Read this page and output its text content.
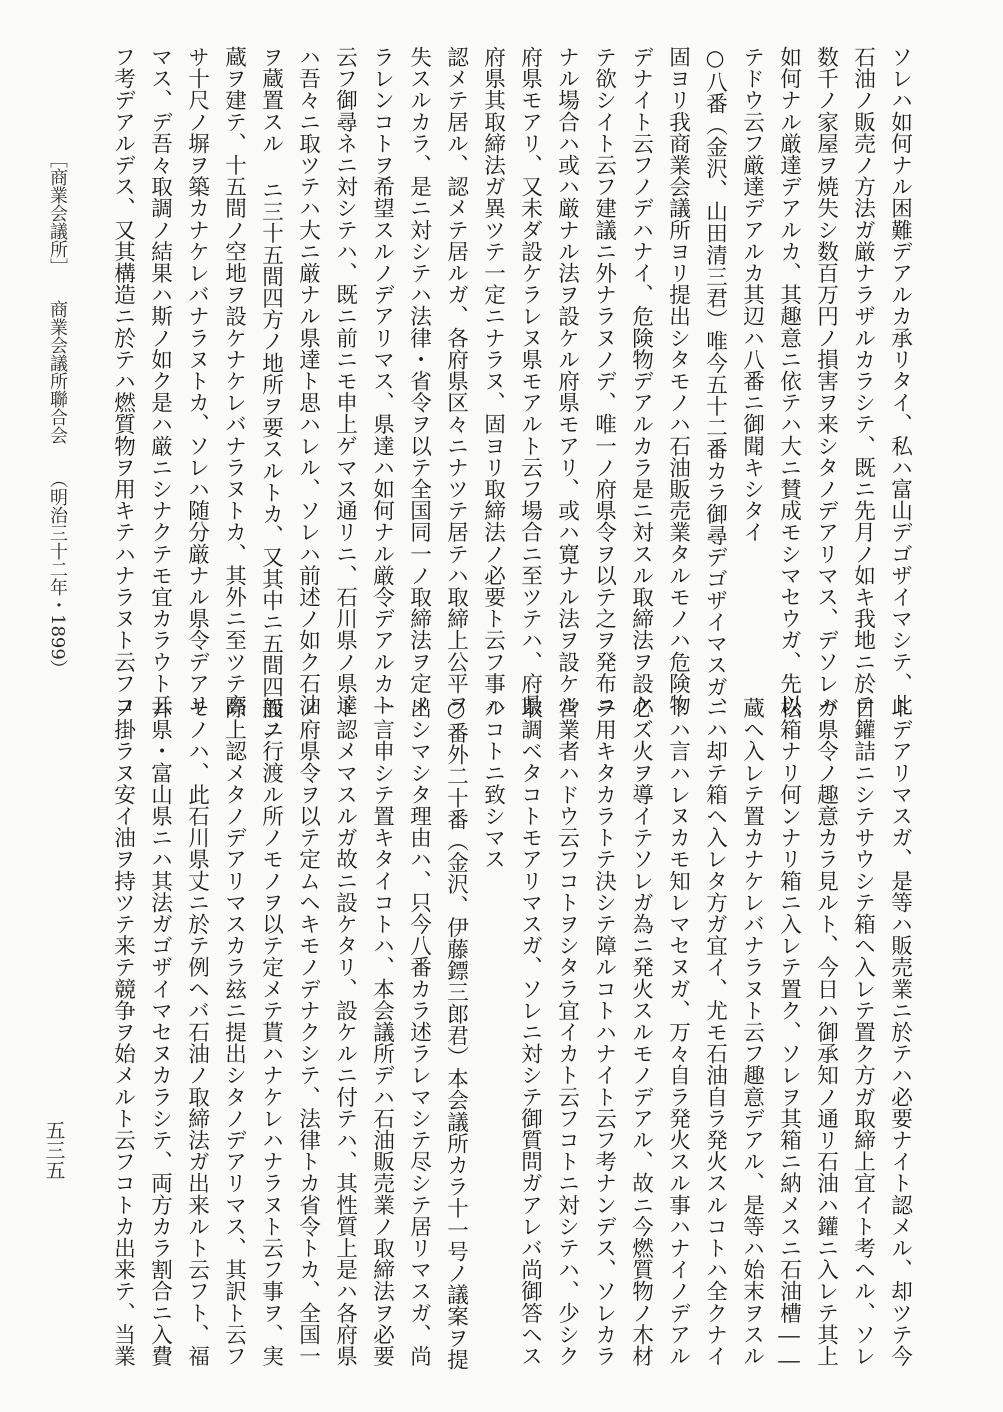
ソレハ如何ナル困難デアルカ承リタイ、私ハ富山デゴザイマシテ、此
石油ノ販売ノ方法ガ厳ナラザルカラシテ、既ニ先月ノ如キ我地ニ於テ
数千ノ家屋ヲ焼失シ数百万円ノ損害ヲ来シタノデアリマス、デソレハ
如何ナル厳達デアルカ、其趣意ニ依テハ大ニ賛成モシマセウガ、先以
テドウ云フ厳達デアルカ其辺ハ八番ニ御聞キシタイ
○八番（金沢、山田清三君）唯今五十二番カラ御尋デゴザイマスガ、
固ヨリ我商業会議所ヨリ提出シタモノハ石油販売業タルモノハ危険物
デナイト云フノデハナイ、危険物デアルカラ是ニ対スル取締法ヲ設ケ
テ欲シイト云フ建議ニ外ナラヌノデ、唯一ノ府県令ヲ以テ之ヲ発布ニ
ナル場合ハ或ハ厳ナル法ヲ設ケル府県モアリ、或ハ寛ナル法ヲ設ケル
府県モアリ、又未ダ設ケラレヌ県モアルト云フ場合ニ至ツテハ、府県
府県其取締法ガ異ツテ一定ニナラヌ、固ヨリ取締法ノ必要ト云フ事ハ
認メテ居ル、認メテ居ルガ、各府県区々ニナツテ居テハ取締上公平ヲ
失スルカラ、是ニ対シテハ法律・省令ヲ以テ全国同一ノ取締法ヲ定メ
ラレンコトヲ希望スルノデアリマス、県達ハ如何ナル厳令デアルカト
云フ御尋ネニ対シテハ、既ニ前ニモ申上ゲマス通リニ、石川県ノ県達
ハ吾々ニ取ツテハ大ニ厳ナル県達ト思ハレル、ソレハ前述ノ如ク石油
ヲ蔵置スル ニ三十五間四方ノ地所ヲ要スルトカ、又其中ニ五間四面ノ
蔵ヲ建テ、十五間ノ空地ヲ設ケナケレバナラヌトカ、其外ニ至ツテ高
サ十尺ノ塀ヲ築カナケレバナラヌトカ、ソレハ随分厳ナル県令デアリ
マス、デ吾々取調ノ結果ハ斯ノ如ク是ハ厳ニシナクテモ宜カラウト云
フ考デアルデス、又其構造ニ於テハ燃質物ヲ用キテハナラヌト云フコ
トデアリマスガ、是等ハ販売業ニ於テハ必要ナイト認メル、却ツテ今
日鑵詰ニシテサウシテ箱ヘ入レテ置ク方ガ取締上宜イト考ヘル、ソレ
ガ県令ノ趣意カラ見ルト、今日ハ御承知ノ通リ石油ハ鑵ニ入レテ其上
松箱ナリ何ンナリ箱ニ入レテ置ク、ソレヲ其箱ニ納メスニ石油槽――
蔵ヘ入レテ置カナケレバナラヌト云フ趣意デアル、是等ハ始末ヲスル
ニハ却テ箱ヘ入レタ方ガ宜イ、尤モ石油自ラ発火スルコトハ全クナイ
トハ言ハレヌカモ知レマセヌガ、万々自ラ発火スル事ハナイノデアル
必ズ火ヲ導イテソレガ為ニ発火スルモノデアル、故ニ今燃質物ノ木材
ヲ用キタカラトテ決シテ障ルコトハナイト云フ考ナンデス、ソレカラ
営業者ハドウ云フコトヲシタラ宜イカト云フコトニ対シテハ、少シク
取調ベタコトモアリマスガ、ソレニ対シテ御質問ガアレバ尚御答ヘス
ルコトニ致シマス
○番外二十番（金沢、伊藤鏢三郎君）本会議所カラ十一号ノ議案ヲ提
出シマシタ理由ハ、只今八番カラ述ラレマシテ尽シテ居リマスガ、尚
一言申シテ置キタイコトハ、本会議所デハ石油販売業ノ取締法ヲ必要
ト認メマスルガ故ニ設ケタリ、設ケルニ付テハ、其性質上是ハ各府県
ノ府県令ヲ以テ定ムヘキモノデナクシテ、法律トカ省令トカ、全国一
般ニ行渡ル所ノモノヲ以テ定メテ貰ハナケレハナラヌト云フ事ヲ、実
際上認メタノデアリマスカラ玆ニ提出シタノデアリマス、其訳ト云フ
モノハ、此石川県丈ニ於テ例ヘバ石油ノ取締法ガ出来ルト云フト、福
井県・富山県ニハ其法ガゴザイマセヌカラシテ、両方カラ割合ニ入費
ノ掛ラヌ安イ油ヲ持ツテ来テ競争ヲ始メルト云フコトカ出来テ、当業
［商業会議所］
商業会議所聯合会
（明治三十二年・1899）
五三五
